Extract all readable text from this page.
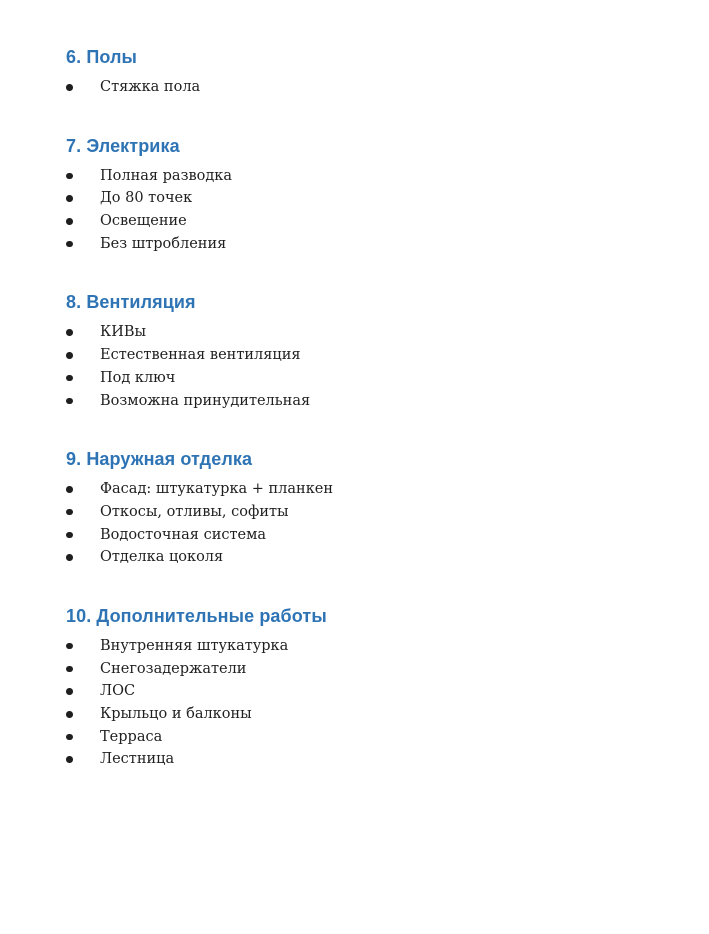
6. Полы
Стяжка пола
7. Электрика
Полная разводка
До 80 точек
Освещение
Без штробления
8. Вентиляция
КИВы
Естественная вентиляция
Под ключ
Возможна принудительная
9. Наружная отделка
Фасад: штукатурка + планкен
Откосы, отливы, софиты
Водосточная система
Отделка цоколя
10. Дополнительные работы
Внутренняя штукатурка
Снегозадержатели
ЛОС
Крыльцо и балконы
Терраса
Лестница
